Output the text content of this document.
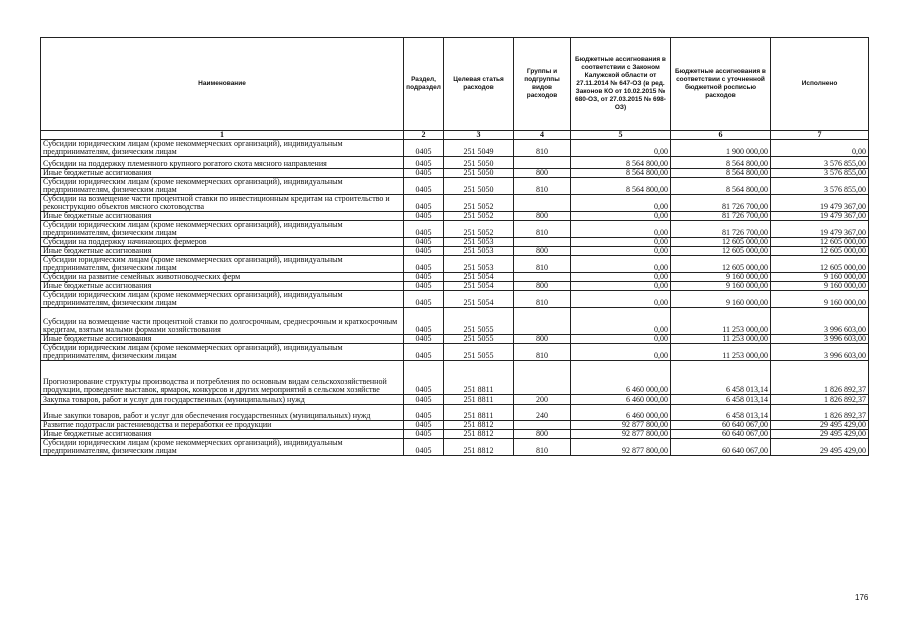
Наименование	Раздел, подраздел	Целевая статья расходов	Группы и подгруппы видов расходов	Бюджетные ассигнования в соответствии с Законом Калужской области от 27.11.2014 № 647-ОЗ (в ред. Законов КО от 10.02.2015 № 680-ОЗ, от 27.03.2015 № 698-ОЗ)	Бюджетные ассигнования в соответствии с уточненной бюджетной росписью расходов	Исполнено
1	2	3	4	5	6	7
Субсидии юридическим лицам (кроме некоммерческих организаций), индивидуальным предпринимателям, физическим лицам	0405	251 5049	810	0,00	1 900 000,00	0,00
Субсидии на поддержку племенного крупного рогатого скота мясного направления	0405	251 5050		8 564 800,00	8 564 800,00	3 576 855,00
Иные бюджетные ассигнования	0405	251 5050	800	8 564 800,00	8 564 800,00	3 576 855,00
Субсидии юридическим лицам (кроме некоммерческих организаций), индивидуальным предпринимателям, физическим лицам	0405	251 5050	810	8 564 800,00	8 564 800,00	3 576 855,00
Субсидии на возмещение части процентной ставки по инвестиционным кредитам на строительство и реконструкцию объектов мясного скотоводства	0405	251 5052		0,00	81 726 700,00	19 479 367,00
Иные бюджетные ассигнования	0405	251 5052	800	0,00	81 726 700,00	19 479 367,00
Субсидии юридическим лицам (кроме некоммерческих организаций), индивидуальным предпринимателям, физическим лицам	0405	251 5052	810	0,00	81 726 700,00	19 479 367,00
Субсидии на поддержку начинающих фермеров	0405	251 5053		0,00	12 605 000,00	12 605 000,00
Иные бюджетные ассигнования	0405	251 5053	800	0,00	12 605 000,00	12 605 000,00
Субсидии юридическим лицам (кроме некоммерческих организаций), индивидуальным предпринимателям, физическим лицам	0405	251 5053	810	0,00	12 605 000,00	12 605 000,00
Субсидии на развитие семейных животноводческих ферм	0405	251 5054		0,00	9 160 000,00	9 160 000,00
Иные бюджетные ассигнования	0405	251 5054	800	0,00	9 160 000,00	9 160 000,00
Субсидии юридическим лицам (кроме некоммерческих организаций), индивидуальным предпринимателям, физическим лицам	0405	251 5054	810	0,00	9 160 000,00	9 160 000,00
Субсидии на возмещение части процентной ставки по долгосрочным, среднесрочным и краткосрочным кредитам, взятым малыми формами хозяйствования	0405	251 5055		0,00	11 253 000,00	3 996 603,00
Иные бюджетные ассигнования	0405	251 5055	800	0,00	11 253 000,00	3 996 603,00
Субсидии юридическим лицам (кроме некоммерческих организаций), индивидуальным предпринимателям, физическим лицам	0405	251 5055	810	0,00	11 253 000,00	3 996 603,00
Прогнозирование структуры производства и потребления по основным видам сельскохозяйственной продукции, проведение выставок, ярмарок, конкурсов и других мероприятий в сельском хозяйстве	0405	251 8811		6 460 000,00	6 458 013,14	1 826 892,37
Закупка товаров, работ и услуг для государственных (муниципальных) нужд	0405	251 8811	200	6 460 000,00	6 458 013,14	1 826 892,37
Иные закупки товаров, работ и услуг для обеспечения государственных (муниципальных) нужд	0405	251 8811	240	6 460 000,00	6 458 013,14	1 826 892,37
Развитие подотрасли растениеводства и переработки ее продукции	0405	251 8812		92 877 800,00	60 640 067,00	29 495 429,00
Иные бюджетные ассигнования	0405	251 8812	800	92 877 800,00	60 640 067,00	29 495 429,00
Субсидии юридическим лицам (кроме некоммерческих организаций), индивидуальным предпринимателям, физическим лицам	0405	251 8812	810	92 877 800,00	60 640 067,00	29 495 429,00
176
